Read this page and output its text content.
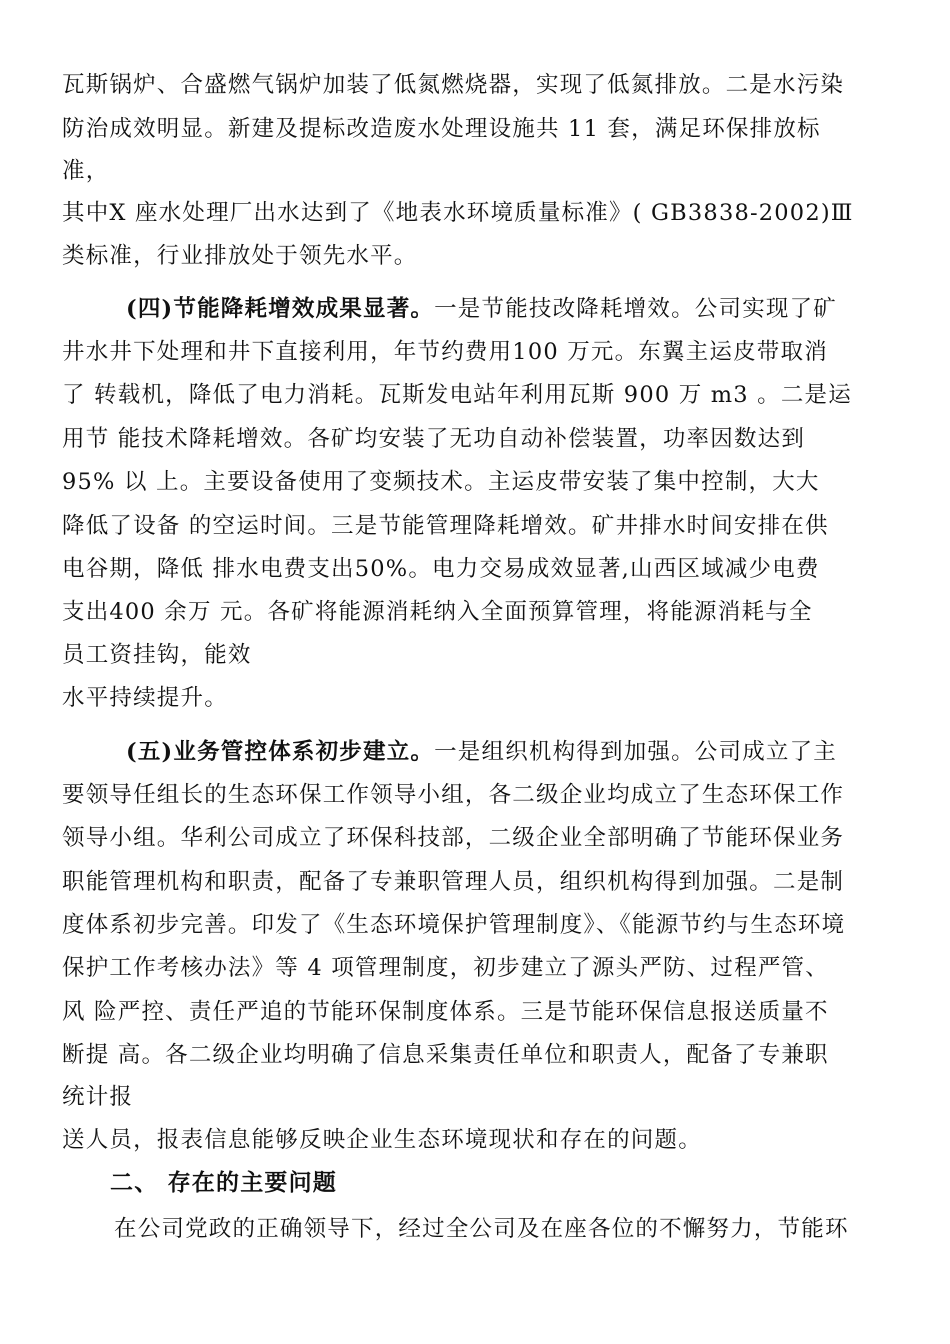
瓦斯锅炉、合盛燃气锅炉加装了低氮燃烧器，实现了低氮排放。二是水污染
防治成效明显。新建及提标改造废水处理设施共 11 套，满足环保排放标
准，
其中X 座水处理厂出水达到了《地表水环境质量标准》( GB3838-2002)Ⅲ
类标准，行业排放处于领先水平。
(四)节能降耗增效成果显著。一是节能技改降耗增效。公司实现了矿
井水井下处理和井下直接利用，年节约费用100 万元。东翼主运皮带取消
了 转载机，降低了电力消耗。瓦斯发电站年利用瓦斯 900 万 m3 。二是运
用节 能技术降耗增效。各矿均安装了无功自动补偿装置，功率因数达到
95% 以 上。主要设备使用了变频技术。主运皮带安装了集中控制，大大
降低了设备 的空运时间。三是节能管理降耗增效。矿井排水时间安排在供
电谷期，降低 排水电费支出50%。电力交易成效显著,山西区域减少电费
支出400 余万 元。各矿将能源消耗纳入全面预算管理，将能源消耗与全
员工资挂钩，能效
水平持续提升。
(五)业务管控体系初步建立。一是组织机构得到加强。公司成立了主
要领导任组长的生态环保工作领导小组，各二级企业均成立了生态环保工作
领导小组。华利公司成立了环保科技部，二级企业全部明确了节能环保业务
职能管理机构和职责，配备了专兼职管理人员，组织机构得到加强。二是制
度体系初步完善。印发了《生态环境保护管理制度》、《能源节约与生态环境
保护工作考核办法》等 4 项管理制度，初步建立了源头严防、过程严管、
风 险严控、责任严追的节能环保制度体系。三是节能环保信息报送质量不
断提 高。各二级企业均明确了信息采集责任单位和职责人，配备了专兼职
统计报
送人员，报表信息能够反映企业生态环境现状和存在的问题。
二、 存在的主要问题
在公司党政的正确领导下，经过全公司及在座各位的不懈努力，节能环
